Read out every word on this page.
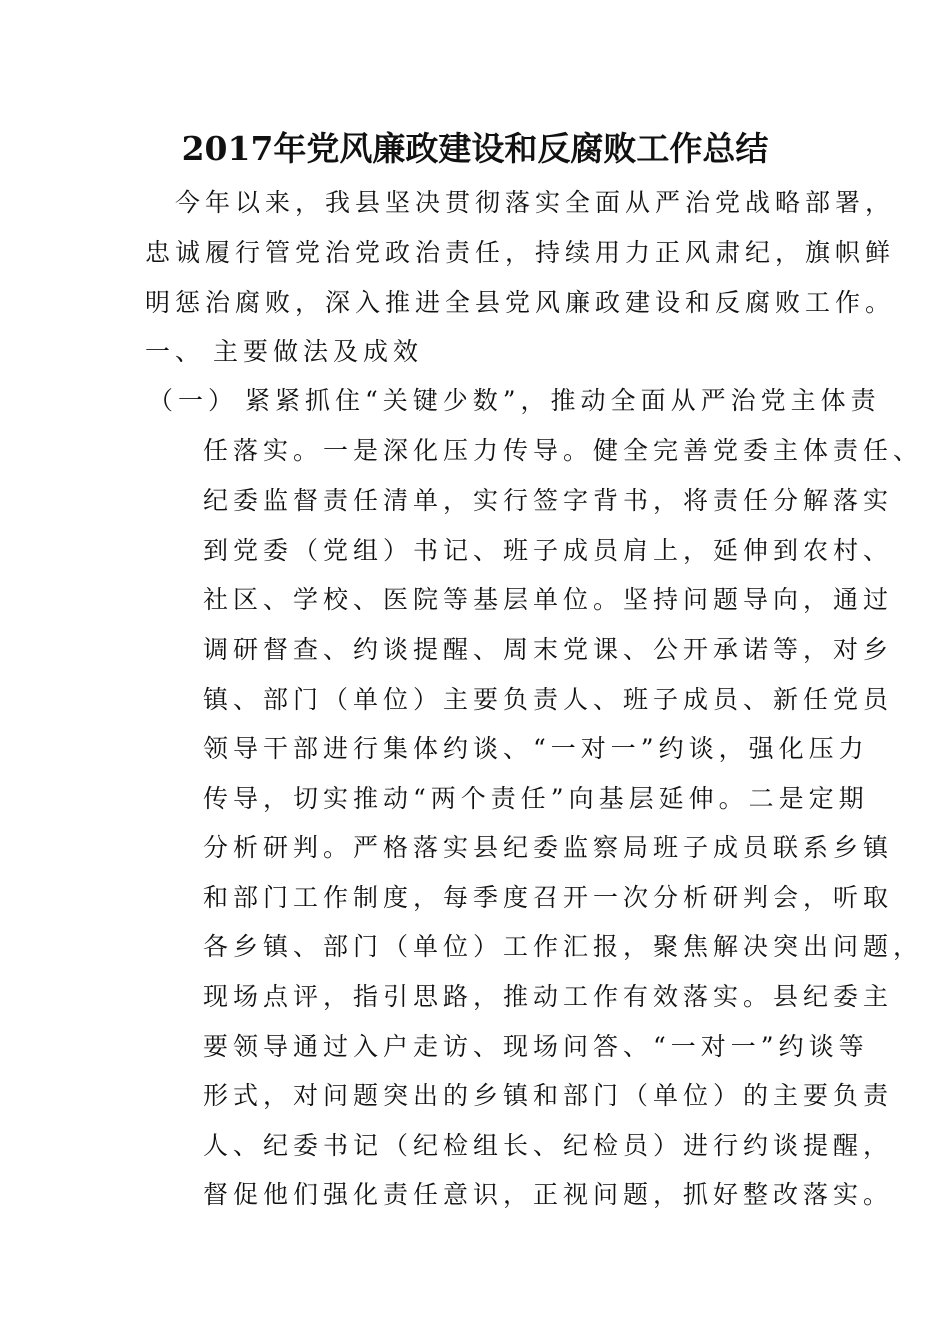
2017年党风廉政建设和反腐败工作总结
　今年以来，我县坚决贯彻落实全面从严治党战略部署，
忠诚履行管党治党政治责任，持续用力正风肃纪，旗帜鲜
明惩治腐败，深入推进全县党风廉政建设和反腐败工作。
一、 主要做法及成效
（一） 紧紧抓住“关键少数”，推动全面从严治党主体责
任落实。一是深化压力传导。健全完善党委主体责任、
纪委监督责任清单，实行签字背书，将责任分解落实
到党委（党组）书记、班子成员肩上，延伸到农村、
社区、学校、医院等基层单位。坚持问题导向，通过
调研督查、约谈提醒、周末党课、公开承诺等，对乡
镇、部门（单位）主要负责人、班子成员、新任党员
领导干部进行集体约谈、“一对一”约谈，强化压力
传导，切实推动“两个责任”向基层延伸。二是定期
分析研判。严格落实县纪委监察局班子成员联系乡镇
和部门工作制度，每季度召开一次分析研判会，听取
各乡镇、部门（单位）工作汇报，聚焦解决突出问题，
现场点评，指引思路，推动工作有效落实。县纪委主
要领导通过入户走访、现场问答、“一对一”约谈等
形式，对问题突出的乡镇和部门（单位）的主要负责
人、纪委书记（纪检组长、纪检员）进行约谈提醒，
督促他们强化责任意识，正视问题，抓好整改落实。
